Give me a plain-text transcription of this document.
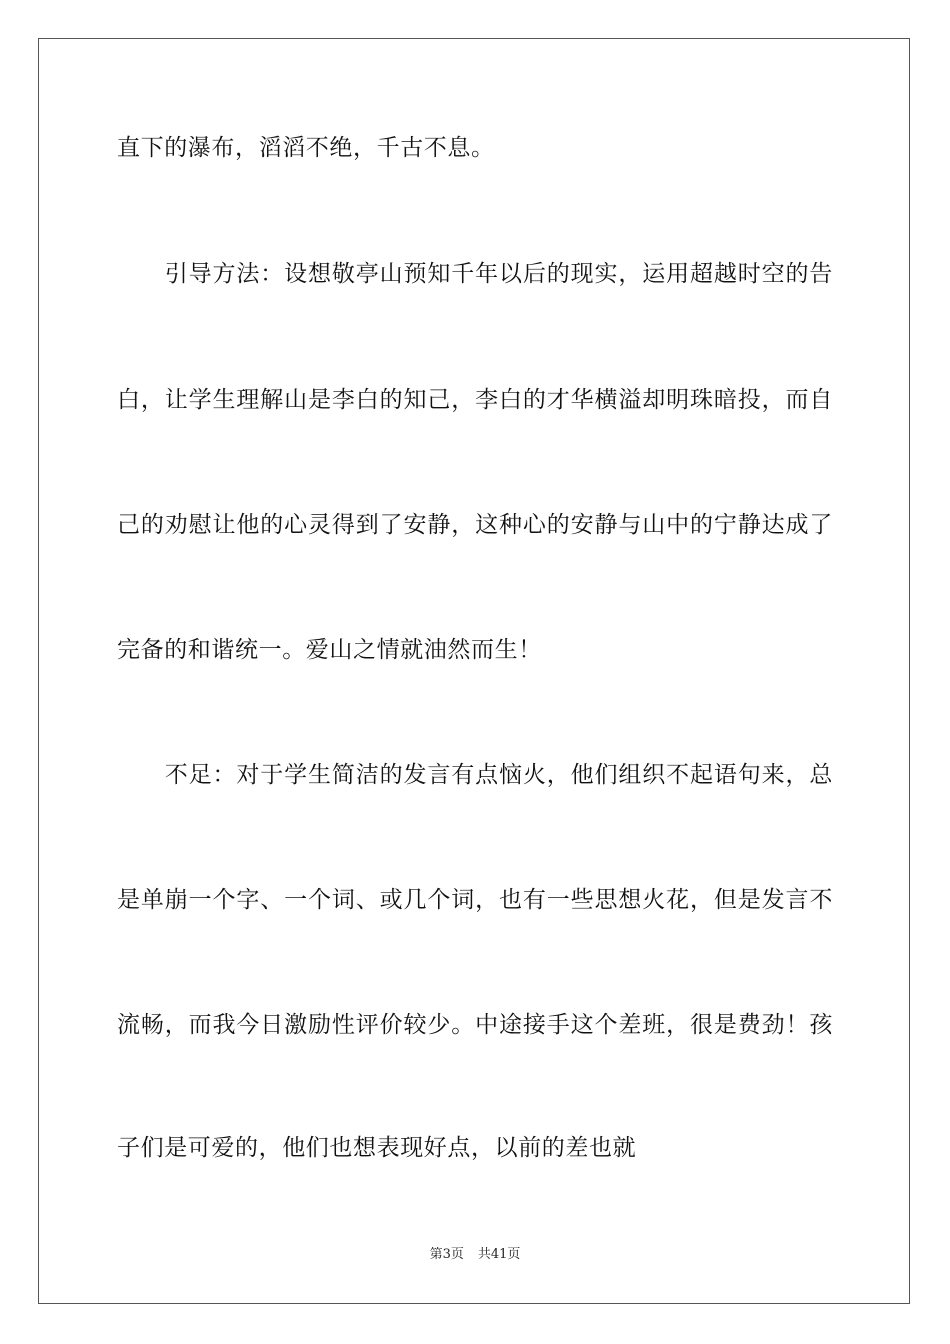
直下的瀑布，滔滔不绝，千古不息。
　　引导方法：设想敬亭山预知千年以后的现实，运用超越时空的告
白，让学生理解山是李白的知己，李白的才华横溢却明珠暗投，而自
己的劝慰让他的心灵得到了安静，这种心的安静与山中的宁静达成了
完备的和谐统一。爱山之情就油然而生！
　　不足：对于学生简洁的发言有点恼火，他们组织不起语句来，总
是单崩一个字、一个词、或几个词，也有一些思想火花，但是发言不
流畅，而我今日激励性评价较少。中途接手这个差班，很是费劲！孩
子们是可爱的，他们也想表现好点，以前的差也就
第3页 共41页
